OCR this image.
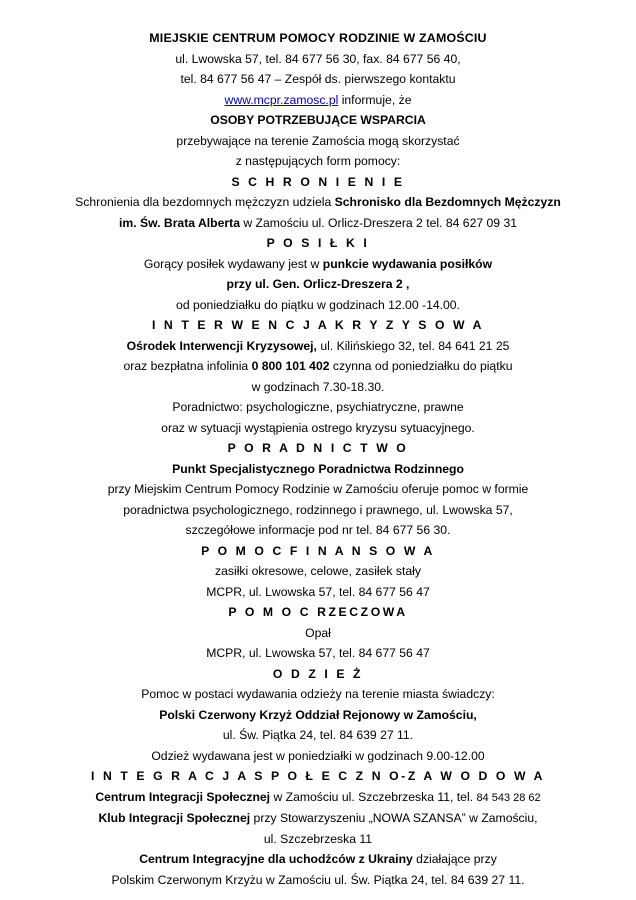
MIEJSKIE CENTRUM POMOCY RODZINIE W ZAMOŚCIU
ul. Lwowska 57, tel. 84 677 56 30, fax. 84 677 56 40,
tel. 84 677 56 47 – Zespół ds. pierwszego kontaktu
www.mcpr.zamosc.pl informuje, że
OSOBY POTRZEBUJĄCE WSPARCIA
przebywające na terenie Zamościa mogą skorzystać
z następujących form pomocy:
S C H R O N I E N I E
Schronienia dla bezdomnych mężczyzn udziela Schronisko dla Bezdomnych Mężczyzn
im. Św. Brata Alberta w Zamościu ul. Orlicz-Dreszera 2 tel. 84 627 09 31
P O S I Ł K I
Gorący posiłek wydawany jest w punkcie wydawania posiłków
przy ul. Gen. Orlicz-Dreszera 2 ,
od poniedziałku do piątku w godzinach 12.00 -14.00.
I N T E R W E N C J A K R Y Z Y S O W A
Ośrodek Interwencji Kryzysowej, ul. Kilińskiego 32, tel. 84 641 21 25
oraz bezpłatna infolinia 0 800 101 402 czynna od poniedziałku do piątku
w godzinach 7.30-18.30.
Poradnictwo: psychologiczne, psychiatryczne, prawne
oraz w sytuacji wystąpienia ostrego kryzysu sytuacyjnego.
P O R A D N I C T W O
Punkt Specjalistycznego Poradnictwa Rodzinnego
przy Miejskim Centrum Pomocy Rodzinie w Zamościu oferuje pomoc w formie
poradnictwa psychologicznego, rodzinnego i prawnego, ul. Lwowska 57,
szczegółowe informacje pod nr tel. 84 677 56 30.
P O M O C F I N A N S O W A
zasiłki okresowe, celowe, zasiłek stały
MCPR, ul. Lwowska 57, tel. 84 677 56 47
P O M O C RZECZOWA
Opał
MCPR, ul. Lwowska 57, tel. 84 677 56 47
O D Z I E Ż
Pomoc w postaci wydawania odzieży na terenie miasta świadczy:
Polski Czerwony Krzyż Oddział Rejonowy w Zamościu,
ul. Św. Piątka 24, tel. 84 639 27 11.
Odzież wydawana jest w poniedziałki w godzinach 9.00-12.00
I N T E G R A C J A S P O Ł E C Z N O-Z A W O D O W A
Centrum Integracji Społecznej w Zamościu ul. Szczebrzeska 11, tel. 84 543 28 62
Klub Integracji Społecznej przy Stowarzyszeniu „NOWA SZANSA” w Zamościu,
ul. Szczebrzeska 11
Centrum Integracyjne dla uchodźców z Ukrainy działające przy
Polskim Czerwonym Krzyżu w Zamościu ul. Św. Piątka 24, tel. 84 639 27 11.
